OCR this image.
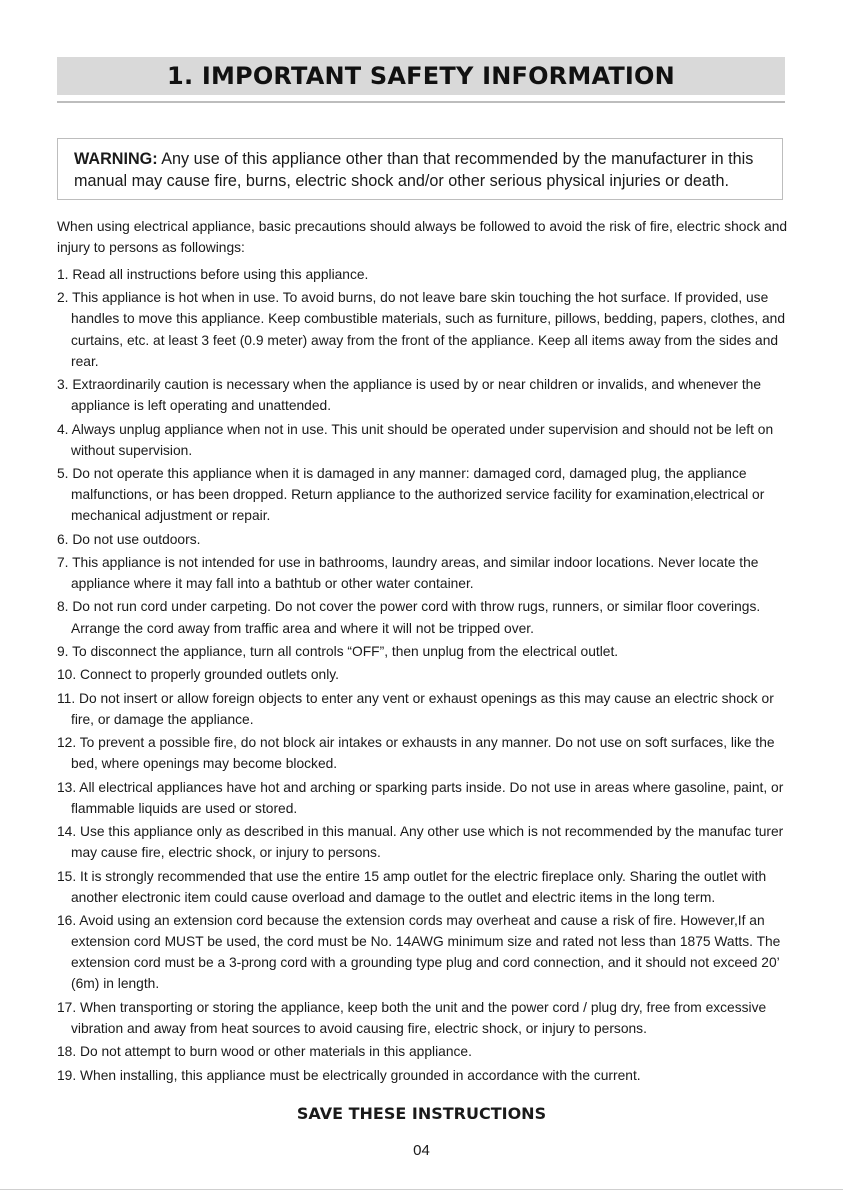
1. IMPORTANT SAFETY INFORMATION
WARNING: Any use of this appliance other than that recommended by the manufacturer in this manual may cause fire, burns, electric shock and/or other serious physical injuries or death.
When using electrical appliance, basic precautions should always be followed to avoid the risk of fire, electric shock and injury to persons as followings:
1. Read all instructions before using this appliance.
2. This appliance is hot when in use. To avoid burns, do not leave bare skin touching the hot surface. If provided, use handles to move this appliance. Keep combustible materials, such as furniture, pillows, bedding, papers, clothes, and curtains, etc. at least 3 feet (0.9 meter) away from the front of the appliance. Keep all items away from the sides and rear.
3. Extraordinarily caution is necessary when the appliance is used by or near children or invalids, and whenever the appliance is left operating and unattended.
4. Always unplug appliance when not in use. This unit should be operated under supervision and should not be left on without supervision.
5. Do not operate this appliance when it is damaged in any manner: damaged cord, damaged plug, the appliance malfunctions, or has been dropped. Return appliance to the authorized service facility for examination,electrical or mechanical adjustment or repair.
6. Do not use outdoors.
7. This appliance is not intended for use in bathrooms, laundry areas, and similar indoor locations. Never locate the appliance where it may fall into a bathtub or other water container.
8. Do not run cord under carpeting. Do not cover the power cord with throw rugs, runners, or similar floor coverings. Arrange the cord away from traffic area and where it will not be tripped over.
9. To disconnect the appliance, turn all controls “OFF”, then unplug from the electrical outlet.
10. Connect to properly grounded outlets only.
11. Do not insert or allow foreign objects to enter any vent or exhaust openings as this may cause an electric shock or fire, or damage the appliance.
12. To prevent a possible fire, do not block air intakes or exhausts in any manner. Do not use on soft surfaces, like the bed, where openings may become blocked.
13. All electrical appliances have hot and arching or sparking parts inside. Do not use in areas where gasoline, paint, or flammable liquids are used or stored.
14. Use this appliance only as described in this manual. Any other use which is not recommended by the manufac turer may cause fire, electric shock, or injury to persons.
15. It is strongly recommended that use the entire 15 amp outlet for the electric fireplace only. Sharing the outlet with another electronic item could cause overload and damage to the outlet and electric items in the long term.
16. Avoid using an extension cord because the extension cords may overheat and cause a risk of fire. However,If an extension cord MUST be used, the cord must be No. 14AWG minimum size and rated not less than 1875 Watts. The extension cord must be a 3-prong cord with a grounding type plug and cord connection, and it should not exceed 20’ (6m) in length.
17. When transporting or storing the appliance, keep both the unit and the power cord / plug dry, free from excessive vibration and away from heat sources to avoid causing fire, electric shock, or injury to persons.
18. Do not attempt to burn wood or other materials in this appliance.
19. When installing, this appliance must be electrically grounded in accordance with the current.
SAVE THESE INSTRUCTIONS
04
